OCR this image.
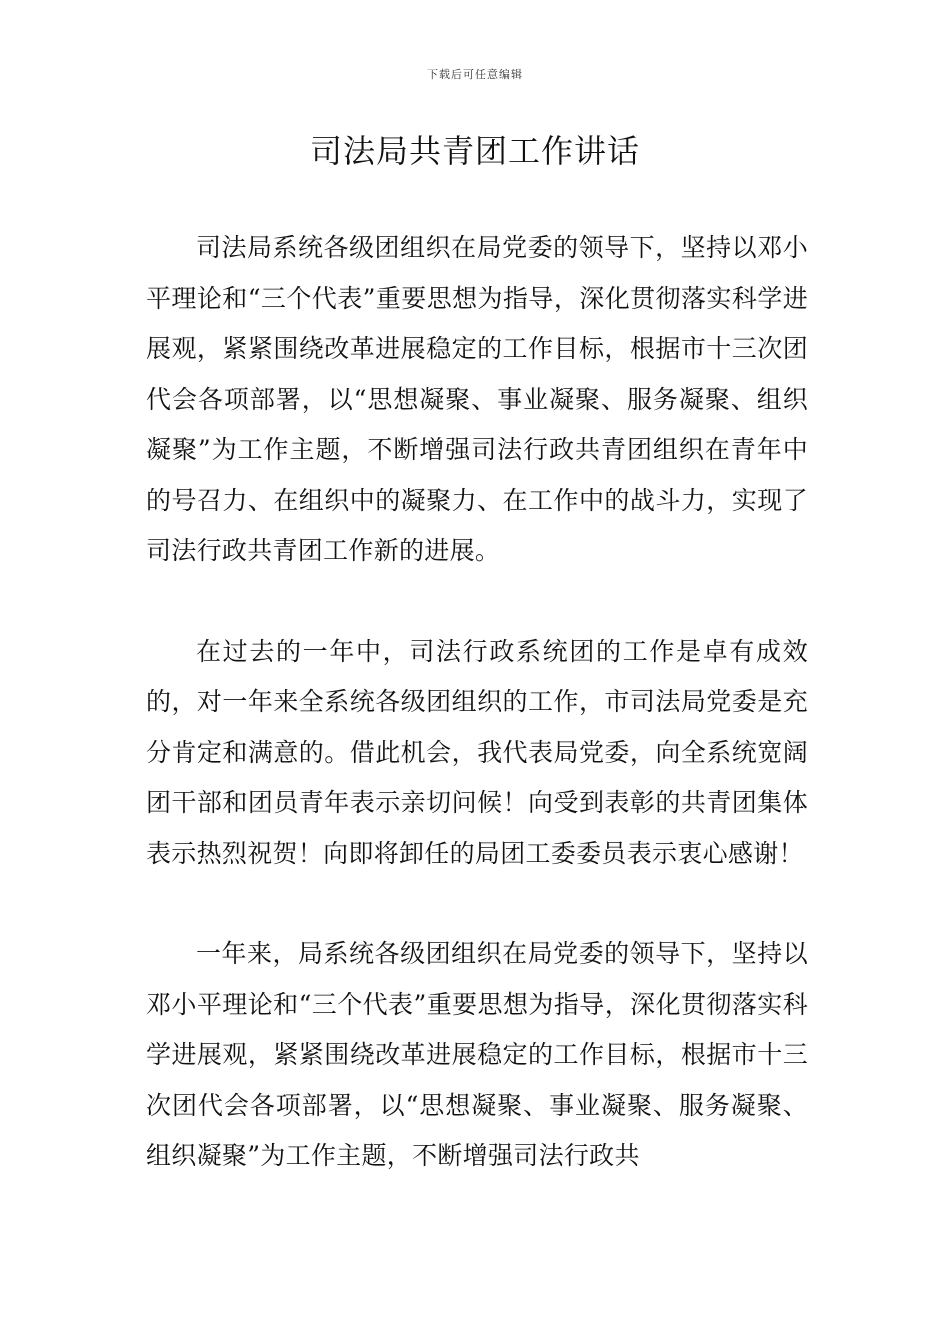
下载后可任意编辑
司法局共青团工作讲话

司法局系统各级团组织在局党委的领导下，坚持以邓小平理论和“三个代表”重要思想为指导，深化贯彻落实科学进展观，紧紧围绕改革进展稳定的工作目标，根据市十三次团代会各项部署，以“思想凝聚、事业凝聚、服务凝聚、组织凝聚”为工作主题，不断增强司法行政共青团组织在青年中的号召力、在组织中的凝聚力、在工作中的战斗力，实现了司法行政共青团工作新的进展。

在过去的一年中，司法行政系统团的工作是卓有成效的，对一年来全系统各级团组织的工作，市司法局党委是充分肯定和满意的。借此机会，我代表局党委，向全系统宽阔团干部和团员青年表示亲切问候！向受到表彰的共青团集体表示热烈祝贺！向即将卸任的局团工委委员表示衷心感谢！

一年来，局系统各级团组织在局党委的领导下，坚持以邓小平理论和“三个代表”重要思想为指导，深化贯彻落实科学进展观，紧紧围绕改革进展稳定的工作目标，根据市十三次团代会各项部署，以“思想凝聚、事业凝聚、服务凝聚、组织凝聚”为工作主题，不断增强司法行政共
